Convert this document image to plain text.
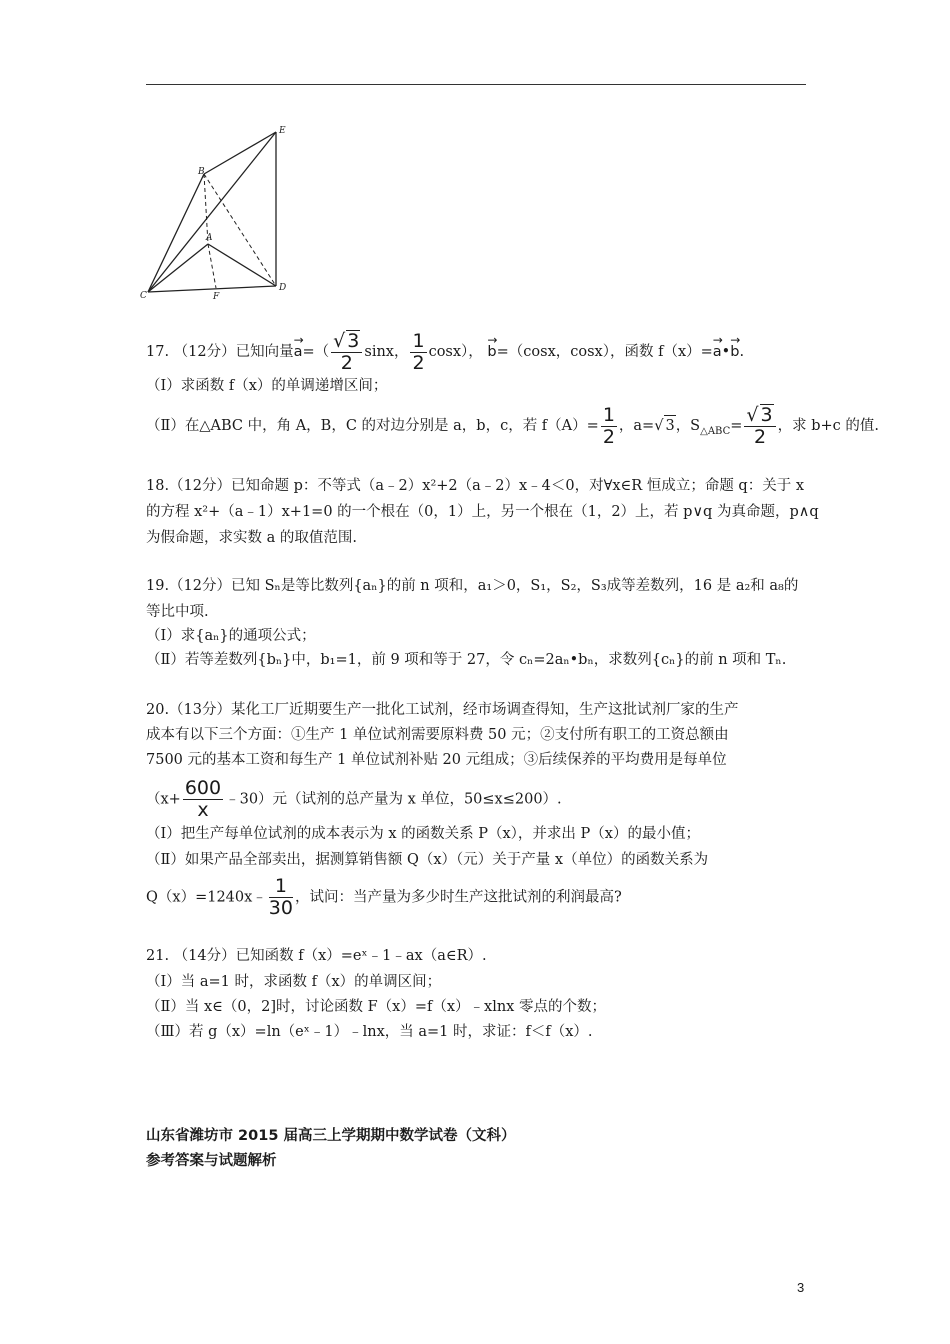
E
B
A
C	F
D
17. （12分）已知向量→ $a=( \frac{√ 3}{2}$ sinx， $\frac{1}{2} \cos x$）， → b=（cosx，cosx），函数 f（x）=→ a•→ b.
（Ⅰ）求函数 f（x）的单调递增区间；
（Ⅱ）在△ABC 中，角 A，B，C 的对边分别是 a，b，c，若 $f(A)= \frac{1}{2}$ ，a=√ 3，$S_{\triangle ABC}= \frac{√ 3}{2}$ ，求 b+c 的值.
18.（12分）已知命题 p：不等式（a﹣2）x²+2（a﹣2）x﹣4＜0，对∀x∈R 恒成立；命题 q：关于 x
的方程 x²+（a﹣1）x+1=0 的一个根在（0，1）上，另一个根在（1，2）上，若 p∨q 为真命题，p∧q
为假命题，求实数 a 的取值范围.
19.（12分）已知 Sₙ是等比数列{aₙ}的前 n 项和，a₁＞0，S₁，S₂，S₃成等差数列，16 是 a₂和 a₈的
等比中项.
（Ⅰ）求{aₙ}的通项公式；
（Ⅱ）若等差数列{bₙ}中，b₁=1，前 9 项和等于 27，令 cₙ=2aₙ•bₙ，求数列{cₙ}的前 n 项和 Tₙ.
20.（13分）某化工厂近期要生产一批化工试剂，经市场调查得知，生产这批试剂厂家的生产
成本有以下三个方面：①生产 1 单位试剂需要原料费 50 元；②支付所有职工的工资总额由
7500 元的基本工资和每生产 1 单位试剂补贴 20 元组成；③后续保养的平均费用是每单位
（$x+ \frac{600}{x}$ ﹣30）元（试剂的总产量为 x 单位，50≤x≤200）.
（Ⅰ）把生产每单位试剂的成本表示为 x 的函数关系 P（x），并求出 P（x）的最小值；
（Ⅱ）如果产品全部卖出，据测算销售额 Q（x）（元）关于产量 x（单位）的函数关系为
Q（x）=1240x﹣ $\frac{1}{30}$ ，试问：当产量为多少时生产这批试剂的利润最高?
21. （14分）已知函数 f（x）=eˣ﹣1﹣ax（a∈R）.
（Ⅰ）当 a=1 时，求函数 f（x）的单调区间；
（Ⅱ）当 x∈（0，2]时，讨论函数 F（x）=f（x）﹣xlnx 零点的个数；
（Ⅲ）若 g（x）=ln（eˣ﹣1）﹣lnx，当 a=1 时，求证：f＜f（x）.
山东省潍坊市 2015 届高三上学期期中数学试卷（文科）
参考答案与试题解析
3
